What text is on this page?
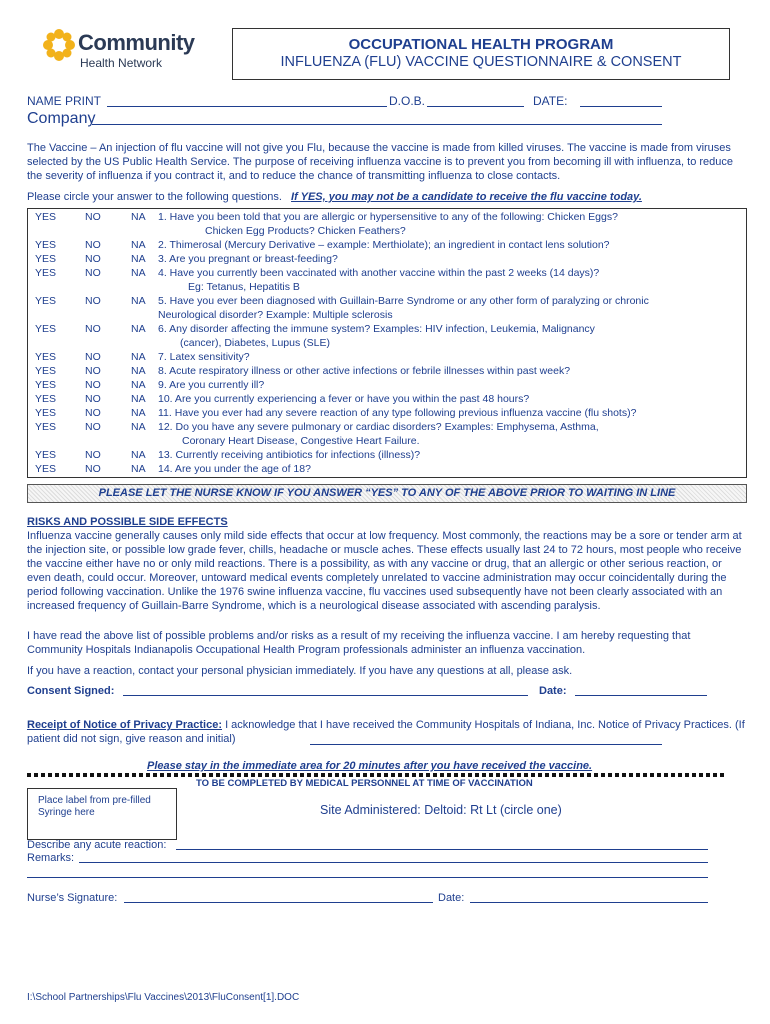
Community
Health Network
OCCUPATIONAL HEALTH PROGRAM
INFLUENZA (FLU) VACCINE QUESTIONNAIRE & CONSENT
NAME PRINT	D.O.B.	DATE:
Company
The Vaccine – An injection of flu vaccine will not give you Flu, because the vaccine is made from killed viruses. The vaccine is made from viruses selected by the US Public Health Service. The purpose of receiving influenza vaccine is to prevent you from becoming ill with influenza, to reduce the severity of influenza if you contract it, and to reduce the chance of transmitting influenza to close contacts.
Please circle your answer to the following questions. If YES, you may not be a candidate to receive the flu vaccine today.
YES	NO	NA 1. Have you been told that you are allergic or hypersensitive to any of the following: Chicken Eggs?
Chicken Egg Products? Chicken Feathers?
YES	NO	NA 2. Thimerosal (Mercury Derivative – example: Merthiolate); an ingredient in contact lens solution?
YES	NO	NA 3. Are you pregnant or breast-feeding?
YES	NO	NA 4. Have you currently been vaccinated with another vaccine within the past 2 weeks (14 days)?
Eg: Tetanus, Hepatitis B
YES	NO	NA 5. Have you ever been diagnosed with Guillain-Barre Syndrome or any other form of paralyzing or chronic
Neurological disorder? Example: Multiple sclerosis
YES	NO	NA 6. Any disorder affecting the immune system? Examples: HIV infection, Leukemia, Malignancy
(cancer), Diabetes, Lupus (SLE)
YES	NO	NA 7. Latex sensitivity?
YES	NO	NA 8. Acute respiratory illness or other active infections or febrile illnesses within past week?
YES	NO	NA 9. Are you currently ill?
YES	NO	NA 10. Are you currently experiencing a fever or have you within the past 48 hours?
YES	NO	NA 11. Have you ever had any severe reaction of any type following previous influenza vaccine (flu shots)?
YES	NO	NA 12. Do you have any severe pulmonary or cardiac disorders? Examples: Emphysema, Asthma,
Coronary Heart Disease, Congestive Heart Failure.
YES	NO	NA 13. Currently receiving antibiotics for infections (illness)?
YES	NO	NA 14. Are you under the age of 18?
PLEASE LET THE NURSE KNOW IF YOU ANSWER “YES” TO ANY OF THE ABOVE PRIOR TO WAITING IN LINE
RISKS AND POSSIBLE SIDE EFFECTS
Influenza vaccine generally causes only mild side effects that occur at low frequency. Most commonly, the reactions may be a sore or tender arm at the injection site, or possible low grade fever, chills, headache or muscle aches. These effects usually last 24 to 72 hours, most people who receive the vaccine either have no or only mild reactions. There is a possibility, as with any vaccine or drug, that an allergic or other serious reaction, or even death, could occur. Moreover, untoward medical events completely unrelated to vaccine administration may occur coincidentally during the period following vaccination. Unlike the 1976 swine influenza vaccine, flu vaccines used subsequently have not been clearly associated with an increased frequency of Guillain-Barre Syndrome, which is a neurological disease associated with ascending paralysis.
I have read the above list of possible problems and/or risks as a result of my receiving the influenza vaccine. I am hereby requesting that Community Hospitals Indianapolis Occupational Health Program professionals administer an influenza vaccination.
If you have a reaction, contact your personal physician immediately. If you have any questions at all, please ask.
Consent Signed:	Date:
Receipt of Notice of Privacy Practice: I acknowledge that I have received the Community Hospitals of Indiana, Inc. Notice of Privacy Practices. (If patient did not sign, give reason and initial)
Please stay in the immediate area for 20 minutes after you have received the vaccine.
TO BE COMPLETED BY MEDICAL PERSONNEL AT TIME OF VACCINATION
Place label from pre-filled Syringe here	Site Administered: Deltoid: Rt Lt (circle one)
Describe any acute reaction:
Remarks:
Nurse’s Signature:	Date:
I:\School Partnerships\Flu Vaccines\2013\FluConsent[1].DOC
